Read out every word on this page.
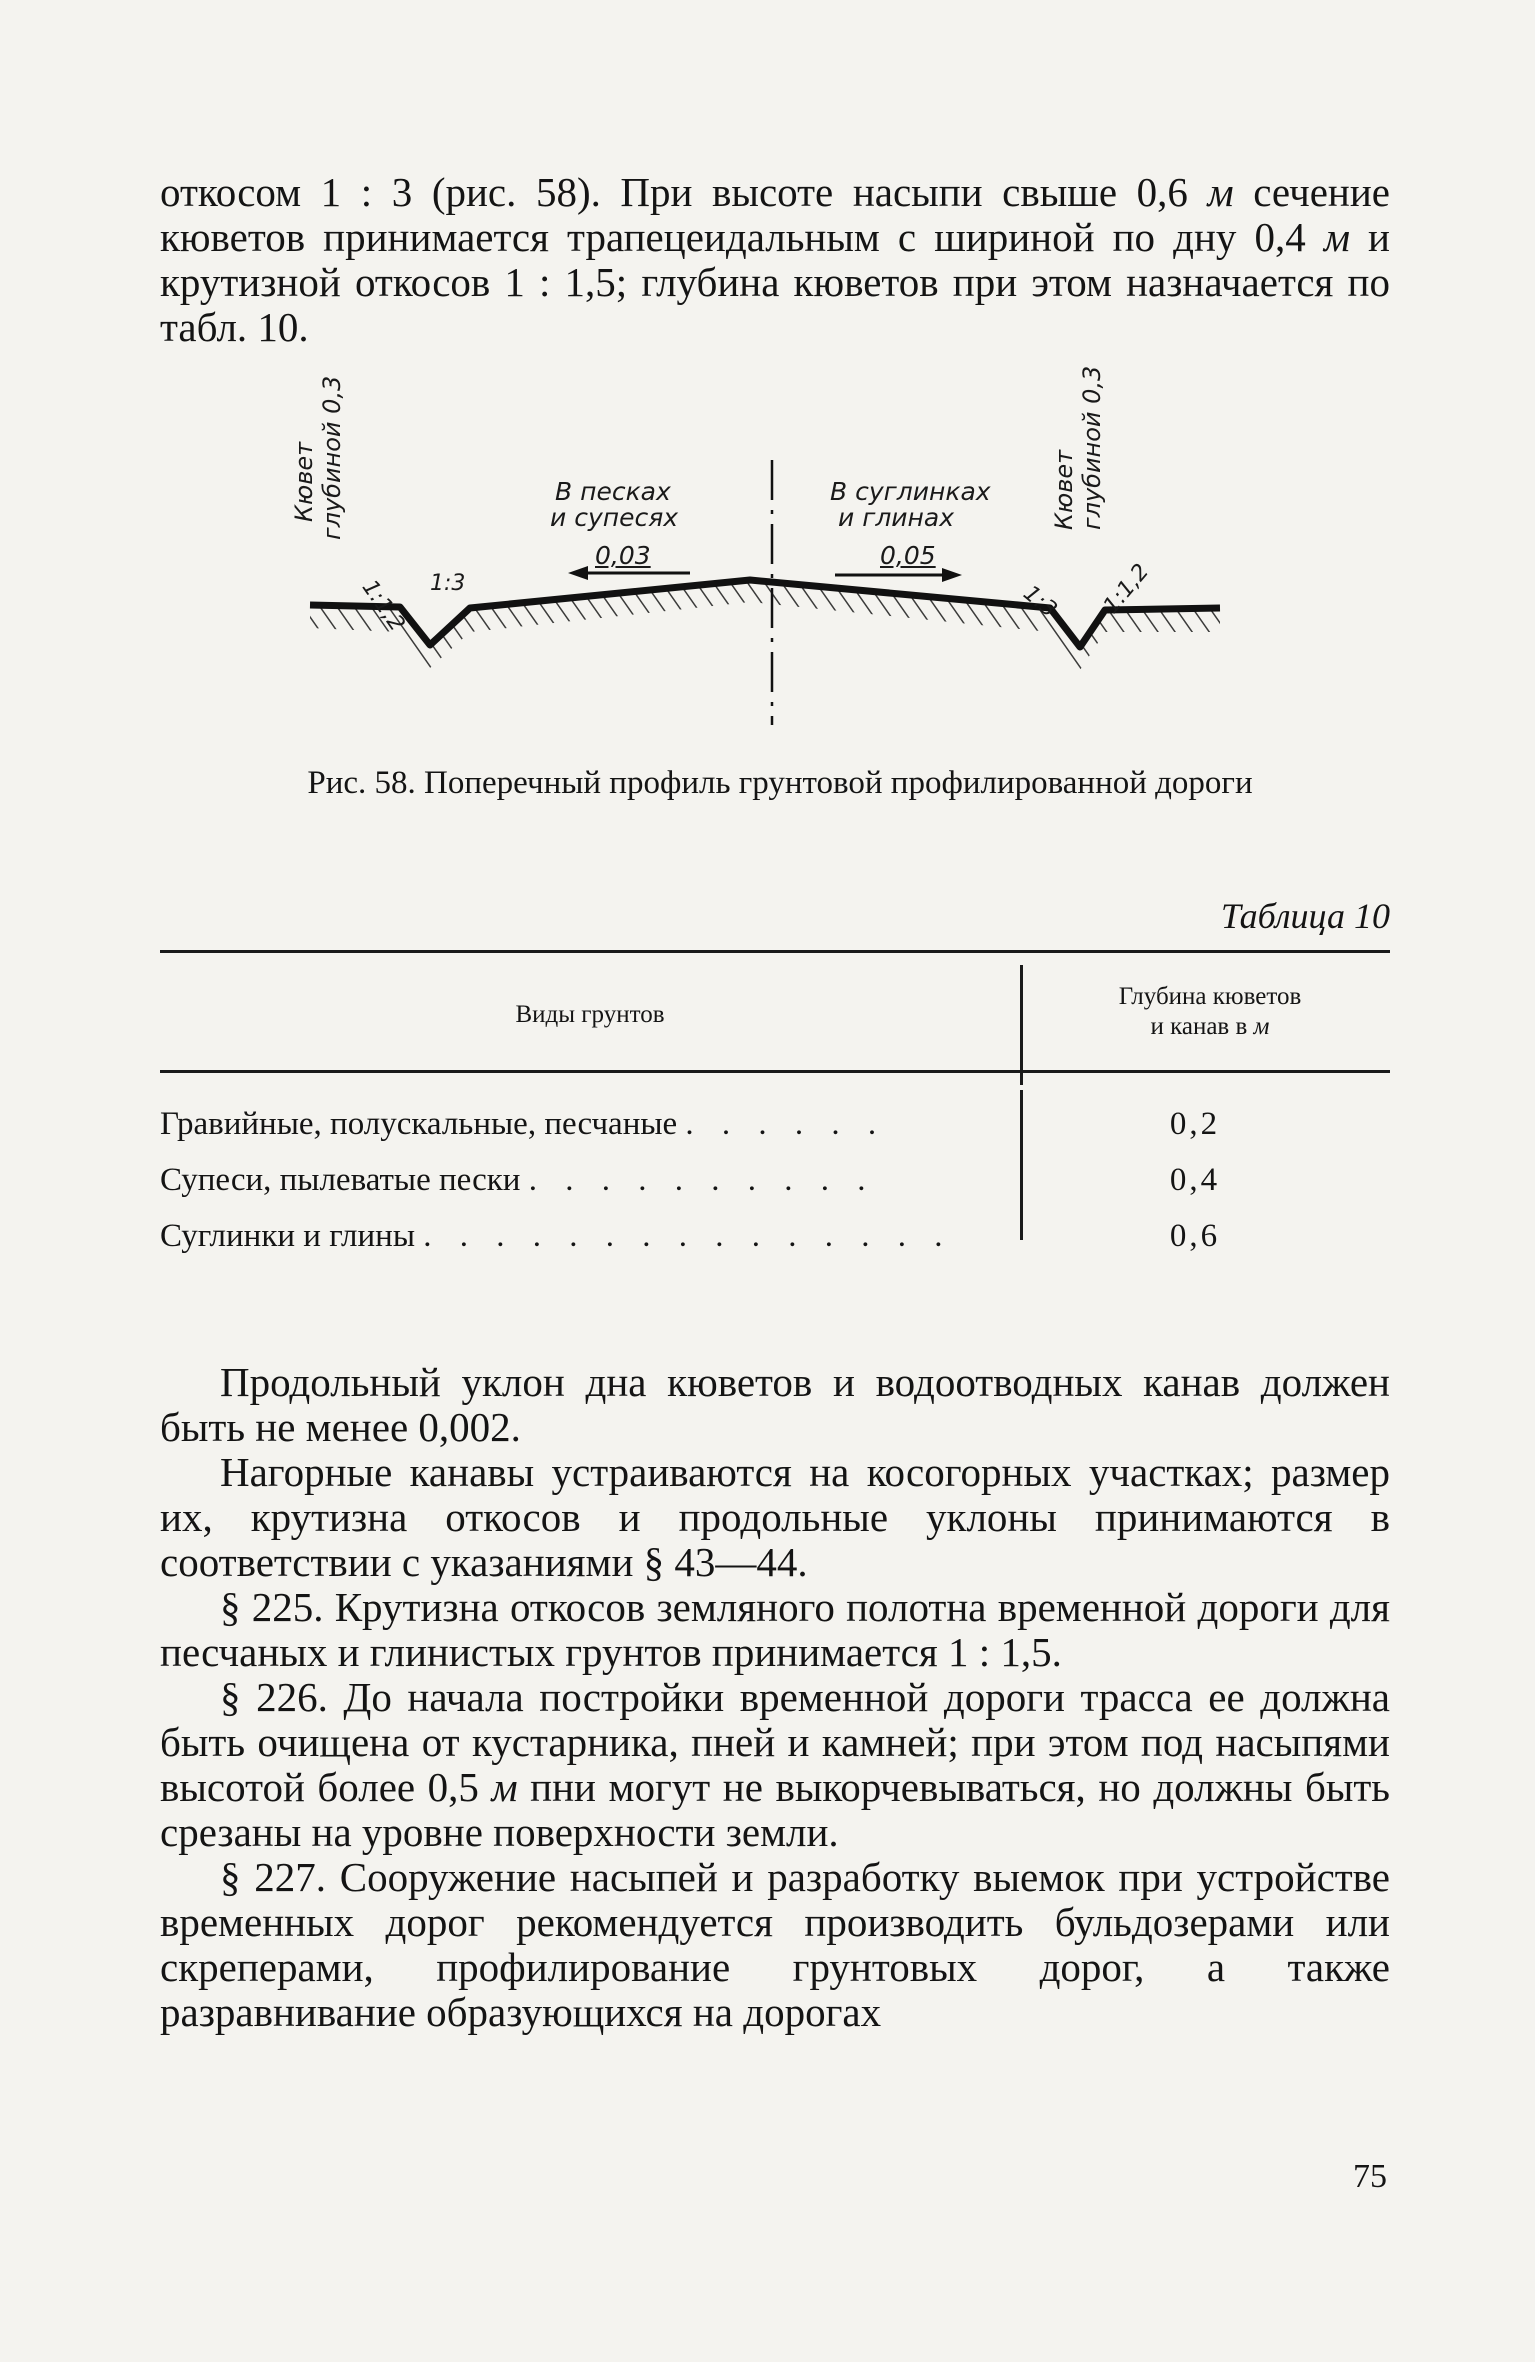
откосом 1 : 3 (рис. 58). При высоте насыпи свыше 0,6 м сечение кюветов принимается трапецеидальным с шириной по дну 0,4 м и крутизной откосов 1 : 1,5; глубина кюветов при этом назначается по табл. 10.

Кювет глубиной 0,3	Кювет глубиной 0,3
В песках
и супесях
0,03
В суглинках
и глинах
0,05
1:1,2 1:3	1:3 1:1,2
Рис. 58. Поперечный профиль грунтовой профилированной дороги
Таблица 10
Виды грунтов
Глубина кюветов
и канав в м
Гравийные, полускальные, песчаные . . . . . .	0,2
Супеси, пылеватые пески . . . . . . . . . .	0,4
Суглинки и глины . . . . . . . . . . . . . . .	0,6

Продольный уклон дна кюветов и водоотводных канав должен быть не менее 0,002.

Нагорные канавы устраиваются на косогорных участках; размер их, крутизна откосов и продольные уклоны принимаются в соответствии с указаниями § 43—44.

§ 225. Крутизна откосов земляного полотна временной дороги для песчаных и глинистых грунтов принимается 1 : 1,5.

§ 226. До начала постройки временной дороги трасса ее должна быть очищена от кустарника, пней и камней; при этом под насыпями высотой более 0,5 м пни могут не выкорчевываться, но должны быть срезаны на уровне поверхности земли.

§ 227. Сооружение насыпей и разработку выемок при устройстве временных дорог рекомендуется производить бульдозерами или скреперами, профилирование грунтовых дорог, а также разравнивание образующихся на дорогах

75
